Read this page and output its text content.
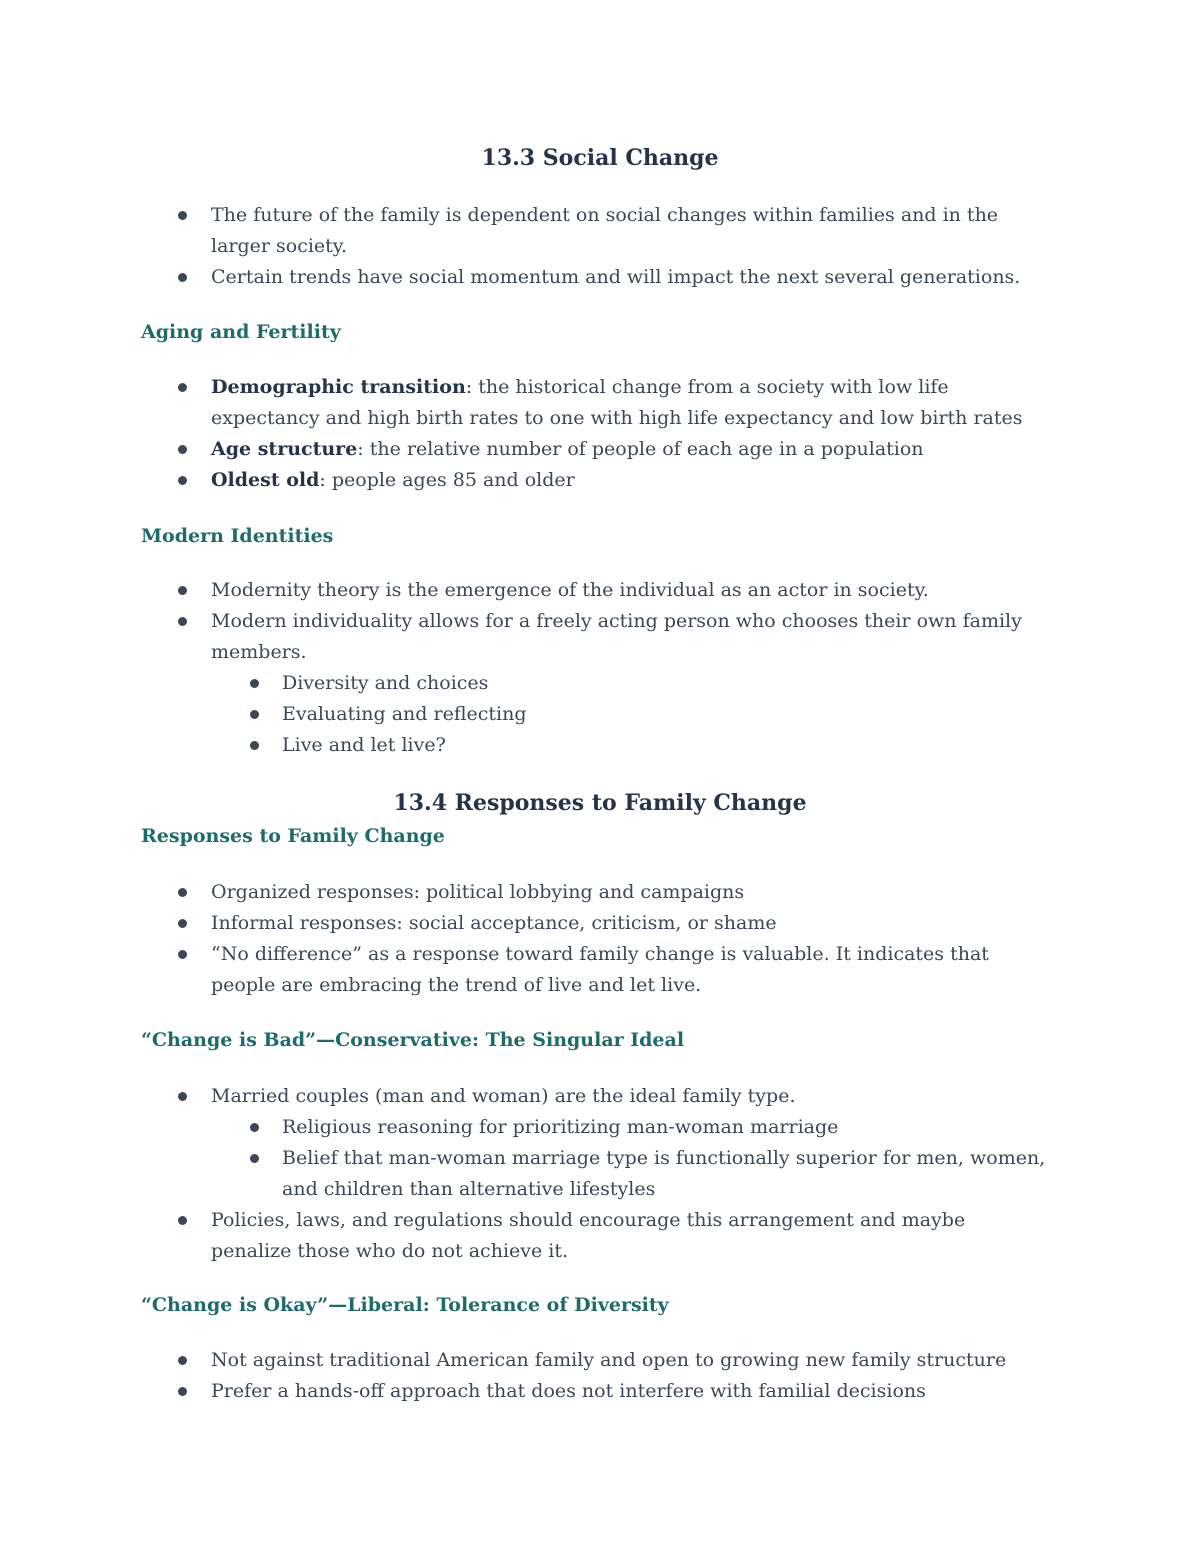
13.3 Social Change
The future of the family is dependent on social changes within families and in the larger society.
Certain trends have social momentum and will impact the next several generations.
Aging and Fertility
Demographic transition: the historical change from a society with low life expectancy and high birth rates to one with high life expectancy and low birth rates
Age structure: the relative number of people of each age in a population
Oldest old: people ages 85 and older
Modern Identities
Modernity theory is the emergence of the individual as an actor in society.
Modern individuality allows for a freely acting person who chooses their own family members.
Diversity and choices
Evaluating and reflecting
Live and let live?
13.4 Responses to Family Change
Responses to Family Change
Organized responses: political lobbying and campaigns
Informal responses: social acceptance, criticism, or shame
“No difference” as a response toward family change is valuable. It indicates that people are embracing the trend of live and let live.
“Change is Bad”—Conservative: The Singular Ideal
Married couples (man and woman) are the ideal family type.
Religious reasoning for prioritizing man-woman marriage
Belief that man-woman marriage type is functionally superior for men, women, and children than alternative lifestyles
Policies, laws, and regulations should encourage this arrangement and maybe penalize those who do not achieve it.
“Change is Okay”—Liberal: Tolerance of Diversity
Not against traditional American family and open to growing new family structure
Prefer a hands-off approach that does not interfere with familial decisions
